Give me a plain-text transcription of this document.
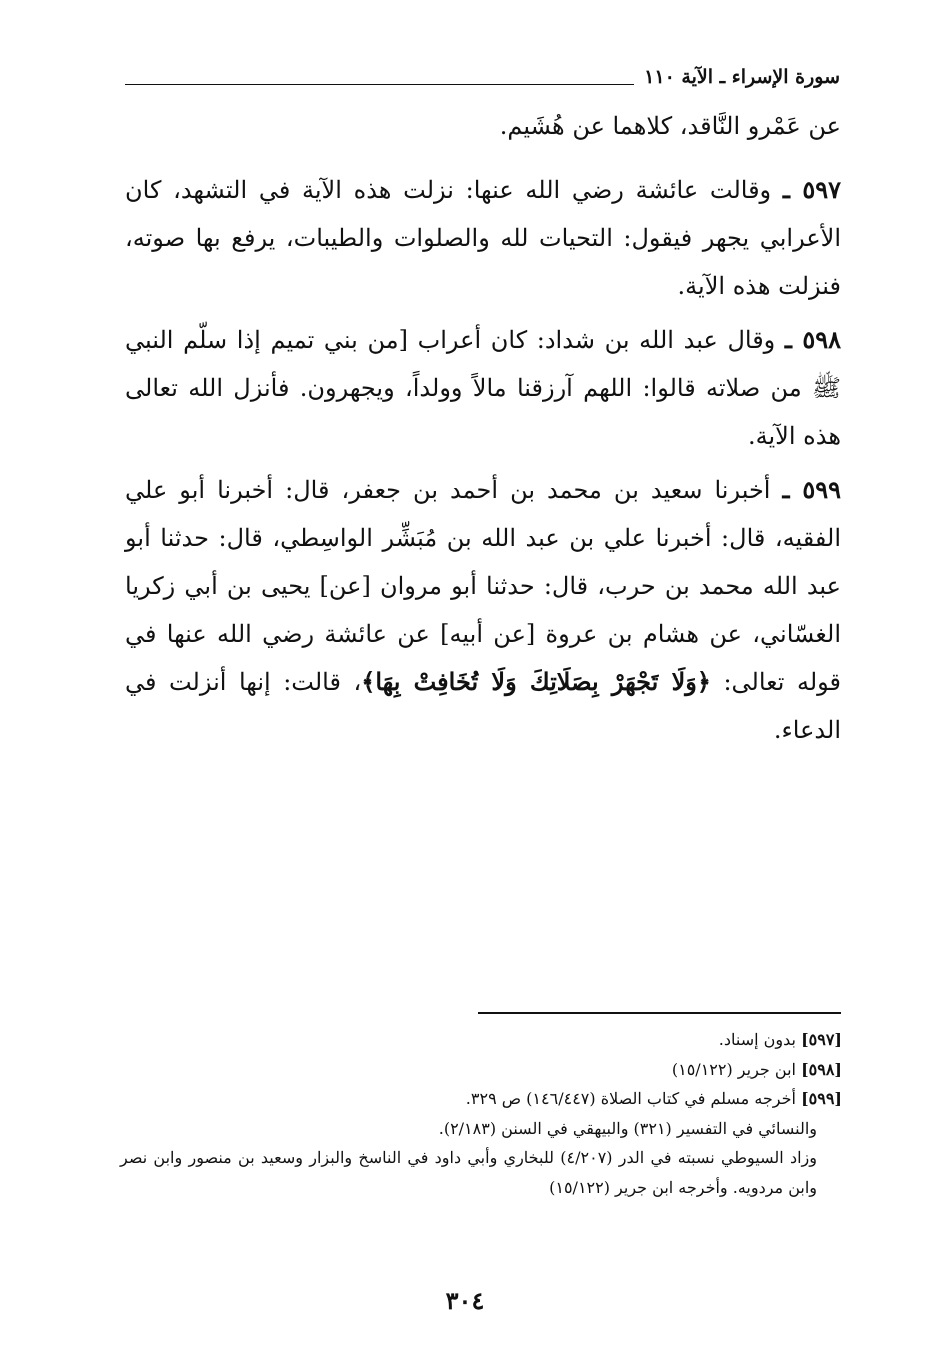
سورة الإسراء ـ الآية ١١٠

عن عَمْرو النَّاقد، كلاهما عن هُشَيم.

٥٩٧ ـ وقالت عائشة رضي الله عنها: نزلت هذه الآية في التشهد، كان الأعرابي يجهر فيقول: التحيات لله والصلوات والطيبات، يرفع بها صوته، فنزلت هذه الآية.

٥٩٨ ـ وقال عبد الله بن شداد: كان أعراب [من بني تميم إذا سلّم النبي ﷺ من صلاته قالوا: اللهم آرزقنا مالاً وولداً، ويجهرون. فأنزل الله تعالى هذه الآية.

٥٩٩ ـ أخبرنا سعيد بن محمد بن أحمد بن جعفر، قال: أخبرنا أبو علي الفقيه، قال: أخبرنا علي بن عبد الله بن مُبَشِّر الواسِطي، قال: حدثنا أبو عبد الله محمد بن حرب، قال: حدثنا أبو مروان [عن] يحيى بن أبي زكريا الغسّاني، عن هشام بن عروة [عن أبيه] عن عائشة رضي الله عنها في قوله تعالى: ﴿وَلَا تَجْهَرْ بِصَلَاتِكَ وَلَا تُخَافِتْ بِهَا﴾، قالت: إنها أنزلت في الدعاء.

[٥٩٧] بدون إسناد.

[٥٩٨] ابن جرير (١٥/١٢٢)

[٥٩٩] أخرجه مسلم في كتاب الصلاة (١٤٦/٤٤٧) ص ٣٢٩.

والنسائي في التفسير (٣٢١) والبيهقي في السنن (٢/١٨٣).

وزاد السيوطي نسبته في الدر (٤/٢٠٧) للبخاري وأبي داود في الناسخ والبزار وسعيد بن منصور وابن نصر وابن مردويه. وأخرجه ابن جرير (١٥/١٢٢)

٣٠٤
